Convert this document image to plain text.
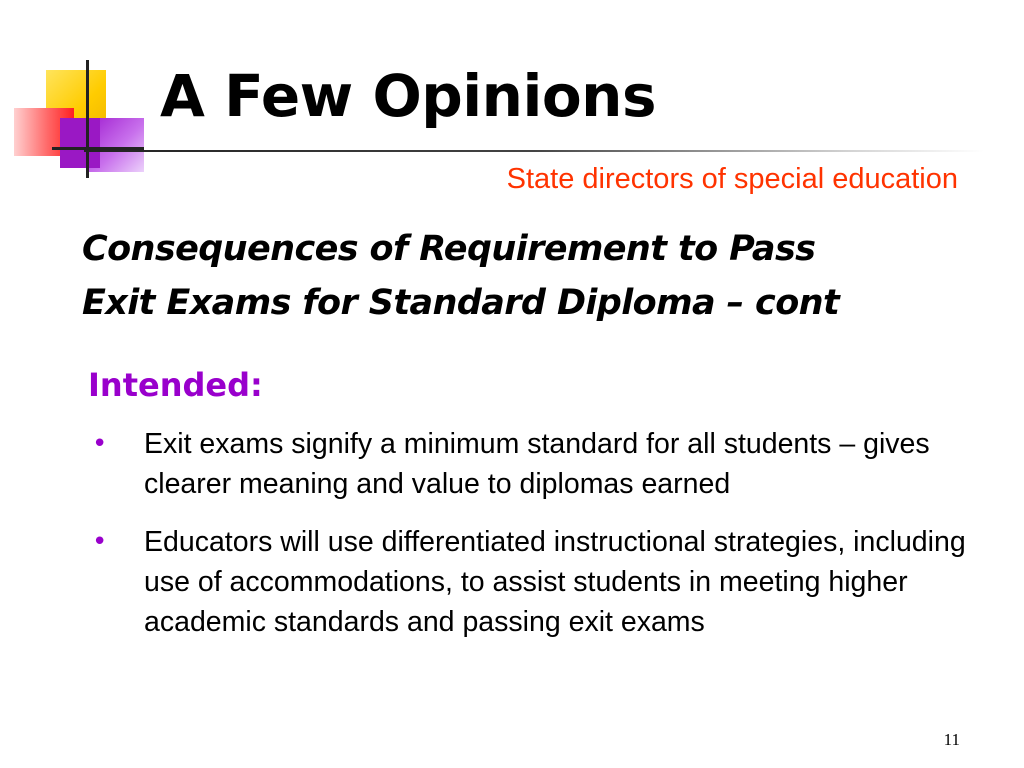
A Few Opinions

State directors of special education

Consequences of Requirement to Pass
Exit Exams for Standard Diploma – cont

Intended:

• Exit exams signify a minimum standard for all students – gives clearer meaning and value to diplomas earned
• Educators will use differentiated instructional strategies, including use of accommodations, to assist students in meeting higher academic standards and passing exit exams

11
